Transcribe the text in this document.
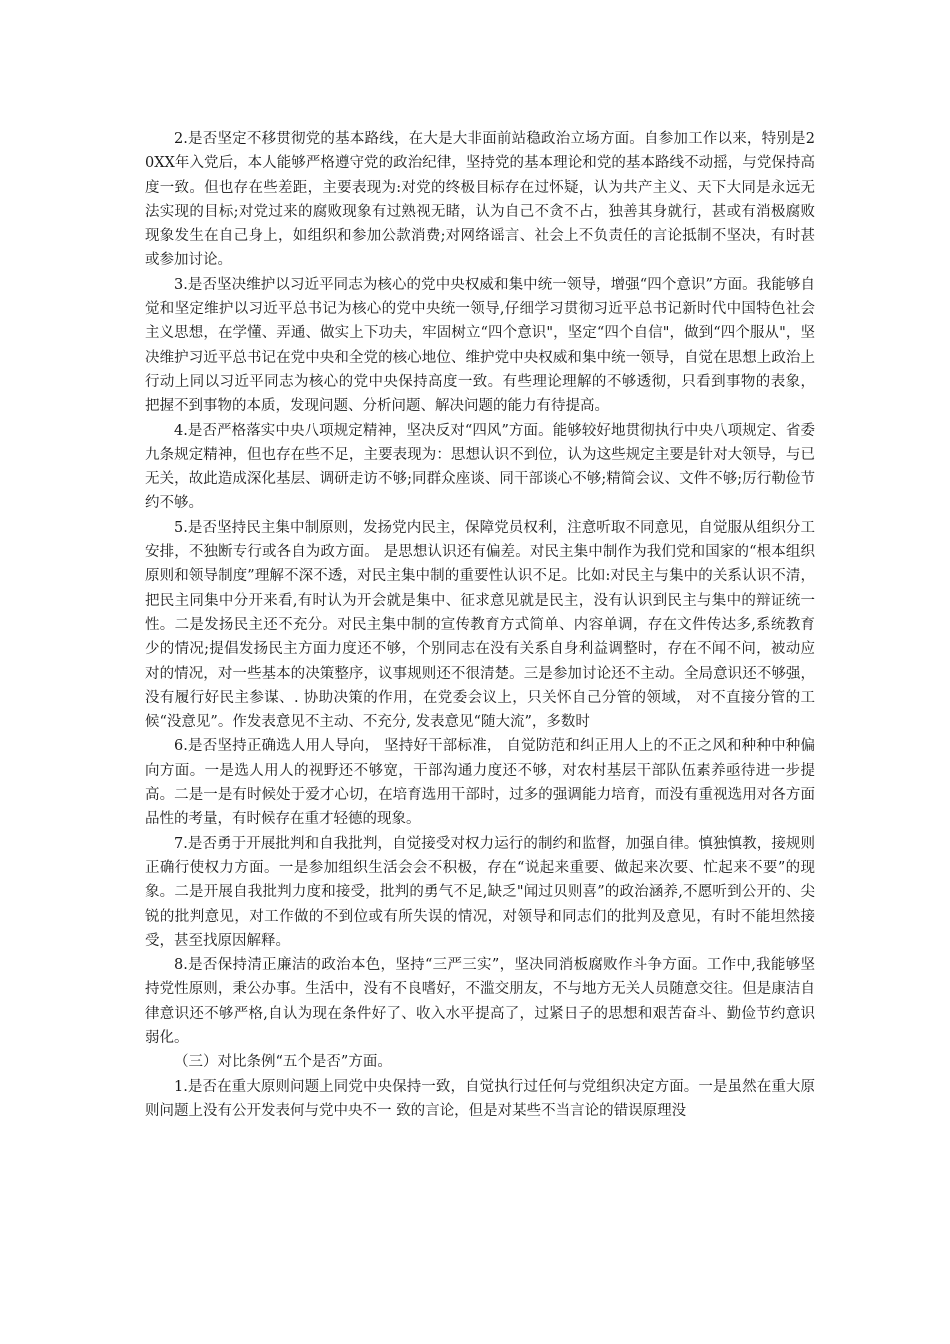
2.是否坚定不移贯彻党的基本路线，在大是大非面前站稳政治立场方面。自参加工作以来，特别是20XX年入党后，本人能够严格遵守党的政治纪律，坚持党的基本理论和党的基本路线不动摇，与党保持高度一致。但也存在些差距，主要表现为:对党的终极目标存在过怀疑，认为共产主义、天下大同是永远无法实现的目标;对党过来的腐败现象有过熟视无睹，认为自己不贪不占，独善其身就行，甚或有消极腐败现象发生在自己身上，如组织和参加公款消费;对网络谣言、社会上不负责任的言论抵制不坚决，有时甚或参加讨论。

3.是否坚决维护以习近平同志为核心的党中央权威和集中统一领导，增强“四个意识”方面。我能够自觉和坚定维护以习近平总书记为核心的党中央统一领导,仔细学习贯彻习近平总书记新时代中国特色社会主义思想，在学懂、弄通、做实上下功夫，牢固树立“四个意识"，坚定“四个自信"，做到“四个服从"，坚决维护习近平总书记在党中央和全党的核心地位、维护党中央权威和集中统一领导，自觉在思想上政治上行动上同以习近平同志为核心的党中央保持高度一致。有些理论理解的不够透彻，只看到事物的表象， 把握不到事物的本质，发现问题、分析问题、解决问题的能力有待提高。

4.是否严格落实中央八项规定精神，坚决反对“四风”方面。能够较好地贯彻执行中央八项规定、省委九条规定精神，但也存在些不足，主要表现为：思想认识不到位，认为这些规定主要是针对大领导，与已无关，故此造成深化基层、调研走访不够;同群众座谈、同干部谈心不够;精简会议、文件不够;厉行勒俭节约不够。

5.是否坚持民主集中制原则，发扬党内民主，保障党员权利，注意听取不同意见，自觉服从组织分工安排，不独断专行或各自为政方面。 是思想认识还有偏差。对民主集中制作为我们党和国家的“根本组织原则和领导制度”理解不深不透，对民主集中制的重要性认识不足。比如:对民主与集中的关系认识不清，把民主同集中分开来看,有时认为开会就是集中、征求意见就是民主，没有认识到民主与集中的辩证统一性。二是发扬民主还不充分。对民主集中制的宣传教育方式简单、内容单调，存在文件传达多,系统教育少的情况;提倡发扬民主方面力度还不够，个别同志在没有关系自身利益调整时，存在不闻不问，被动应对的情况，对一些基本的决策整序，议事规则还不很清楚。三是参加讨论还不主动。全局意识还不够强，没有履行好民主参谋、. 协助决策的作用，在党委会议上，只关怀自己分管的领域， 对不直接分管的工候“没意见”。作发表意见不主动、不充分, 发表意见“随大流”，多数时

6.是否坚持正确选人用人导向， 坚持好干部标准， 自觉防范和纠正用人上的不正之风和种种中种偏向方面。一是选人用人的视野还不够宽，干部沟通力度还不够，对农村基层干部队伍素养亟待进一步提高。二是一是有时候处于爱才心切，在培育选用干部时，过多的强调能力培育，而没有重视选用对各方面品性的考量，有时候存在重才轻德的现象。

7.是否勇于开展批判和自我批判，自觉接受对权力运行的制约和监督，加强自律。慎独慎教，接规则正确行使权力方面。一是参加组织生活会会不积极，存在“说起来重要、做起来次要、忙起来不要”的现象。二是开展自我批判力度和接受，批判的勇气不足,缺乏"闻过贝则喜”的政治涵养,不愿听到公开的、尖锐的批判意见，对工作做的不到位或有所失误的情况，对领导和同志们的批判及意见，有时不能坦然接受，甚至找原因解释。

8.是否保持清正廉洁的政治本色，坚持“三严三实”，坚决同消板腐败作斗争方面。工作中,我能够坚持党性原则，秉公办事。生活中，没有不良嗜好，不滥交朋友，不与地方无关人员随意交往。但是康洁自律意识还不够严格,自认为现在条件好了、收入水平提高了，过紧日子的思想和艰苦奋斗、勤俭节约意识弱化。

（三）对比条例“五个是否”方面。

1.是否在重大原则问题上同党中央保持一致，自觉执行过任何与党组织决定方面。一是虽然在重大原则问题上没有公开发表何与党中央不一 致的言论，但是对某些不当言论的错误原理没
